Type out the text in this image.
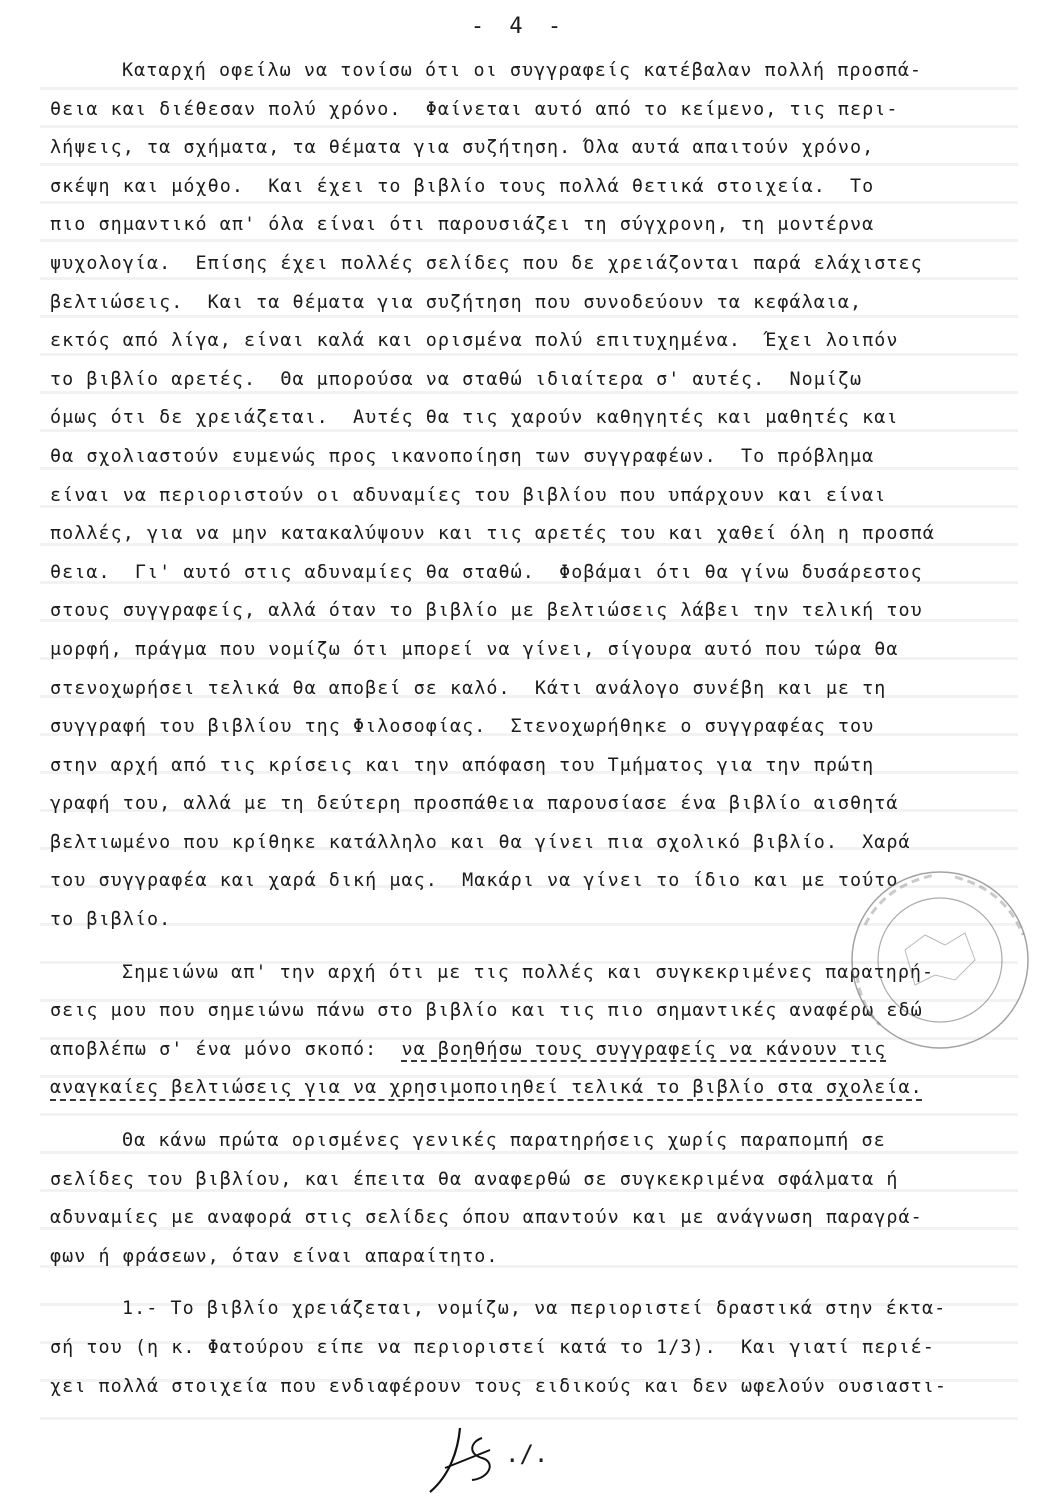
- 4 -
Καταρχή οφείλω να τονίσω ότι οι συγγραφείς κατέβαλαν πολλή προσπά-
θεια και διέθεσαν πολύ χρόνο.  Φαίνεται αυτό από το κείμενο, τις περι-
λήψεις, τα σχήματα, τα θέματα για συζήτηση. Όλα αυτά απαιτούν χρόνο,
σκέψη και μόχθο.  Και έχει το βιβλίο τους πολλά θετικά στοιχεία.  Το
πιο σημαντικό απ' όλα είναι ότι παρουσιάζει τη σύγχρονη, τη μοντέρνα
ψυχολογία.  Επίσης έχει πολλές σελίδες που δε χρειάζονται παρά ελάχιστες
βελτιώσεις.  Και τα θέματα για συζήτηση που συνοδεύουν τα κεφάλαια,
εκτός από λίγα, είναι καλά και ορισμένα πολύ επιτυχημένα.  Έχει λοιπόν
το βιβλίο αρετές.  Θα μπορούσα να σταθώ ιδιαίτερα σ' αυτές.  Νομίζω
όμως ότι δε χρειάζεται.  Αυτές θα τις χαρούν καθηγητές και μαθητές και
θα σχολιαστούν ευμενώς προς ικανοποίηση των συγγραφέων.  Το πρόβλημα
είναι να περιοριστούν οι αδυναμίες του βιβλίου που υπάρχουν και είναι
πολλές, για να μην κατακαλύψουν και τις αρετές του και χαθεί όλη η προσπά
θεια.  Γι' αυτό στις αδυναμίες θα σταθώ.  Φοβάμαι ότι θα γίνω δυσάρεστος
στους συγγραφείς, αλλά όταν το βιβλίο με βελτιώσεις λάβει την τελική του
μορφή, πράγμα που νομίζω ότι μπορεί να γίνει, σίγουρα αυτό που τώρα θα
στενοχωρήσει τελικά θα αποβεί σε καλό.  Κάτι ανάλογο συνέβη και με τη
συγγραφή του βιβλίου της Φιλοσοφίας.  Στενοχωρήθηκε ο συγγραφέας του
στην αρχή από τις κρίσεις και την απόφαση του Τμήματος για την πρώτη
γραφή του, αλλά με τη δεύτερη προσπάθεια παρουσίασε ένα βιβλίο αισθητά
βελτιωμένο που κρίθηκε κατάλληλο και θα γίνει πια σχολικό βιβλίο.  Χαρά
του συγγραφέα και χαρά δική μας.  Μακάρι να γίνει το ίδιο και με τούτο
το βιβλίο.
Σημειώνω απ' την αρχή ότι με τις πολλές και συγκεκριμένες παρατηρή-
σεις μου που σημειώνω πάνω στο βιβλίο και τις πιο σημαντικές αναφέρω εδώ
αποβλέπω σ' ένα μόνο σκοπό:  να βοηθήσω τους συγγραφείς να κάνουν τις
αναγκαίες βελτιώσεις για να χρησιμοποιηθεί τελικά το βιβλίο στα σχολεία.
Θα κάνω πρώτα ορισμένες γενικές παρατηρήσεις χωρίς παραπομπή σε
σελίδες του βιβλίου, και έπειτα θα αναφερθώ σε συγκεκριμένα σφάλματα ή
αδυναμίες με αναφορά στις σελίδες όπου απαντούν και με ανάγνωση παραγρά-
φων ή φράσεων, όταν είναι απαραίτητο.
1.- Το βιβλίο χρειάζεται, νομίζω, να περιοριστεί δραστικά στην έκτα-
σή του (η κ. Φατούρου είπε να περιοριστεί κατά το 1/3).  Και γιατί περιέ-
χει πολλά στοιχεία που ενδιαφέρουν τους ειδικούς και δεν ωφελούν ουσιαστι-
./.
